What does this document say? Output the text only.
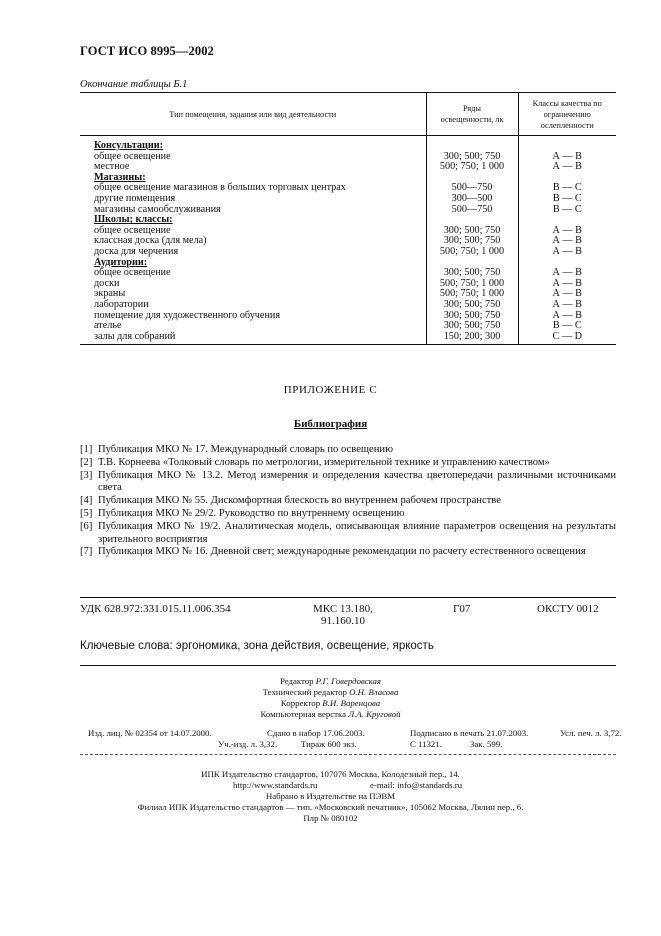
ГОСТ ИСО 8995—2002
Окончание таблицы Б.1
Тип помещения, задания или вид деятельности	Ряды освещенности, лк	Классы качества по ограничению ослепленности

Консультации:		
общее освещение	300; 500; 750	А — В
местное	500; 750; 1 000	А — В
Магазины:		
общее освещение магазинов в больших торговых центрах	500—750	В — С
другие помещения	300—500	В — С
магазины самообслуживания	500—750	В — С
Школы; классы:		
общее освещение	300; 500; 750	А — В
классная доска (для мела)	300; 500; 750	А — В
доска для черчения	500; 750; 1 000	А — В
Аудитории:		
общее освещение	300; 500; 750	А — В
доски	500; 750; 1 000	А — В
экраны	500; 750; 1 000	А — В
лаборатории	300; 500; 750	А — В
помещение для художественного обучения	300; 500; 750	А — В
ателье	300; 500; 750	В — С
залы для собраний	150; 200; 300	С — D
ПРИЛОЖЕНИЕ С
Библиография
[1] Публикация МКО № 17. Международный словарь по освещению
[2] Т.В. Корнеева «Толковый словарь по метрологии, измерительной технике и управлению качеством»
[3] Публикация МКО № 13.2. Метод измерения и определения качества цветопередачи различными источниками света
[4] Публикация МКО № 55. Дискомфортная блескость во внутреннем рабочем пространстве
[5] Публикация МКО № 29/2. Руководство по внутреннему освещению
[6] Публикация МКО № 19/2. Аналитическая модель, описывающая влияние параметров освещения на результаты зрительного восприятия
[7] Публикация МКО № 16. Дневной свет; международные рекомендации по расчету естественного освещения
УДК 628.972:331.015.11.006.354	МКС 13.180,
91.160.10
Г07	ОКСТУ 0012
Ключевые слова: эргономика, зона действия, освещение, яркость
Редактор Р.Г. Говердовская
Технический редактор О.Н. Власова
Корректор В.И. Варенцова
Компьютерная верстка Л.А. Круговой
Изд. лиц. № 02354 от 14.07.2000.	Сдано в набор 17.06.2003.	Подписано в печать 21.07.2003.	Усл. печ. л. 3,72.
Уч.-изд. л. 3,32.	Тираж 600 экз.	С 11321.	Зак. 599.
ИПК Издательство стандартов, 107076 Москва, Колодезный пер., 14.
http://www.standards.ru	e-mail: info@standards.ru
Набрано в Издательстве на ПЭВМ
Филиал ИПК Издательство стандартов — тип. «Московский печатник», 105062 Москва, Лялин пер., 6.
Плр № 080102
